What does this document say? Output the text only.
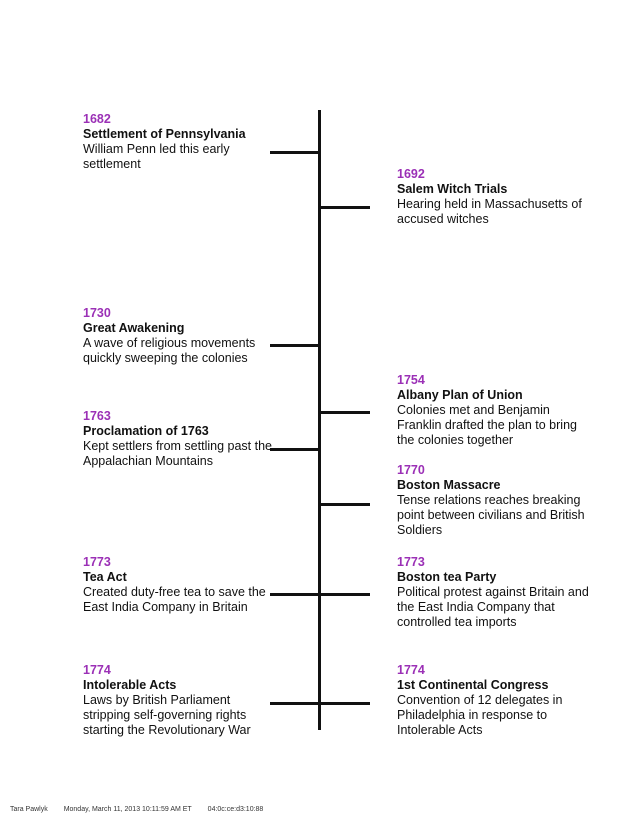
1682
Settlement of Pennsylvania
William Penn led this early settlement
1730
Great Awakening
A wave of religious movements quickly sweeping the colonies
1763
Proclamation of 1763
Kept settlers from settling past the Appalachian Mountains
1773
Tea Act
Created duty-free tea to save the East India Company in Britain
1774
Intolerable Acts
Laws by British Parliament stripping self-governing rights starting the Revolutionary War
1692
Salem Witch Trials
Hearing held in Massachusetts of accused witches
1754
Albany Plan of Union
Colonies met and Benjamin Franklin drafted the plan to bring the colonies together
1770
Boston Massacre
Tense relations reaches breaking point between civilians and British Soldiers
1773
Boston tea Party
Political protest against Britain and the East India Company that controlled tea imports
1774
1st Continental Congress
Convention of 12 delegates in Philadelphia in response to Intolerable Acts
Tara Pawlyk Monday, March 11, 2013 10:11:59 AM ET 04:0c:ce:d3:10:88
